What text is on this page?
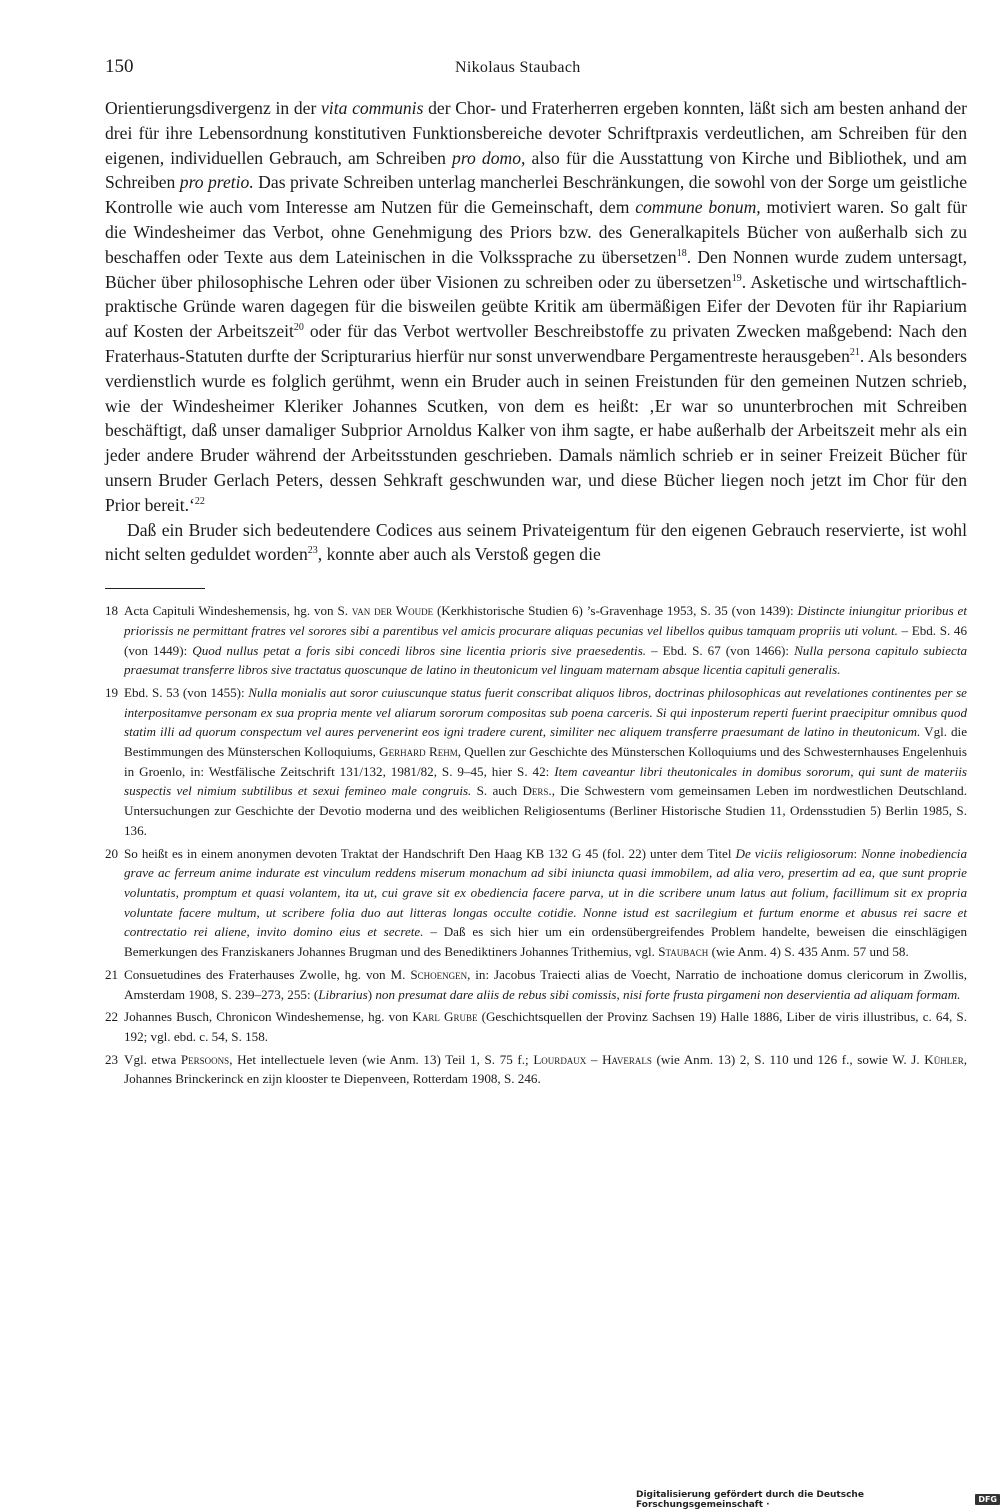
150	Nikolaus Staubach

Orientierungsdivergenz in der vita communis der Chor- und Fraterherren ergeben konnten, läßt sich am besten anhand der drei für ihre Lebensordnung konstitutiven Funktionsbereiche devoter Schriftpraxis verdeutlichen, am Schreiben für den eigenen, individuellen Gebrauch, am Schreiben pro domo, also für die Ausstattung von Kirche und Bibliothek, und am Schreiben pro pretio. Das private Schreiben unterlag mancherlei Beschränkungen, die sowohl von der Sorge um geistliche Kontrolle wie auch vom Interesse am Nutzen für die Gemeinschaft, dem commune bonum, motiviert waren. So galt für die Windesheimer das Verbot, ohne Genehmigung des Priors bzw. des Generalkapitels Bücher von außerhalb sich zu beschaffen oder Texte aus dem Lateinischen in die Volkssprache zu übersetzen$^{18}$. Den Nonnen wurde zudem untersagt, Bücher über philosophische Lehren oder über Visionen zu schreiben oder zu übersetzen$^{19}$. Asketische und wirtschaftlich-praktische Gründe waren dagegen für die bisweilen geübte Kritik am übermäßigen Eifer der Devoten für ihr Rapiarium auf Kosten der Arbeitszeit$^{20}$ oder für das Verbot wertvoller Beschreibstoffe zu privaten Zwecken maßgebend: Nach den Fraterhaus-Statuten durfte der Scripturarius hierfür nur sonst unverwendbare Pergamentreste herausgeben$^{21}$. Als besonders verdienstlich wurde es folglich gerühmt, wenn ein Bruder auch in seinen Freistunden für den gemeinen Nutzen schrieb, wie der Windesheimer Kleriker Johannes Scutken, von dem es heißt: ‚Er war so ununterbrochen mit Schreiben beschäftigt, daß unser damaliger Subprior Arnoldus Kalker von ihm sagte, er habe außerhalb der Arbeitszeit mehr als ein jeder andere Bruder während der Arbeitsstunden geschrieben. Damals nämlich schrieb er in seiner Freizeit Bücher für unsern Bruder Gerlach Peters, dessen Sehkraft geschwunden war, und diese Bücher liegen noch jetzt im Chor für den Prior bereit.‘$^{22}$

Daß ein Bruder sich bedeutendere Codices aus seinem Privateigentum für den eigenen Gebrauch reservierte, ist wohl nicht selten geduldet worden$^{23}$, konnte aber auch als Verstoß gegen die

18 Acta Capituli Windeshemensis, hg. von S. van der Woude (Kerkhistorische Studien 6) ’s-Gravenhage 1953, S. 35 (von 1439): Distincte iniungitur prioribus et priorissis ne permittant fratres vel sorores sibi a parentibus vel amicis procurare aliquas pecunias vel libellos quibus tamquam propriis uti volunt. – Ebd. S. 46 (von 1449): Quod nullus petat a foris sibi concedi libros sine licentia prioris sive praesedentis. – Ebd. S. 67 (von 1466): Nulla persona capitulo subiecta praesumat transferre libros sive tractatus quoscunque de latino in theutonicum vel linguam maternam absque licentia capituli generalis.
19 Ebd. S. 53 (von 1455): Nulla monialis aut soror cuiuscunque status fuerit conscribat aliquos libros, doctrinas philosophicas aut revelationes continentes per se interpositamve personam ex sua propria mente vel aliarum sororum compositas sub poena carceris. Si qui inposterum reperti fuerint praecipitur omnibus quod statim illi ad quorum conspectum vel aures pervenerint eos igni tradere curent, similiter nec aliquem transferre praesumant de latino in theutonicum. Vgl. die Bestimmungen des Münsterschen Kolloquiums, Gerhard Rehm, Quellen zur Geschichte des Münsterschen Kolloquiums und des Schwesternhauses Engelenhuis in Groenlo, in: Westfälische Zeitschrift 131/132, 1981/82, S. 9–45, hier S. 42: Item caveantur libri theutonicales in domibus sororum, qui sunt de materiis suspectis vel nimium subtilibus et sexui femineo male congruis. S. auch Ders., Die Schwestern vom gemeinsamen Leben im nordwestlichen Deutschland. Untersuchungen zur Geschichte der Devotio moderna und des weiblichen Religiosentums (Berliner Historische Studien 11, Ordensstudien 5) Berlin 1985, S. 136.
20 So heißt es in einem anonymen devoten Traktat der Handschrift Den Haag KB 132 G 45 (fol. 22) unter dem Titel De viciis religiosorum: Nonne inobediencia grave ac ferreum anime indurate est vinculum reddens miserum monachum ad sibi iniuncta quasi immobilem, ad alia vero, presertim ad ea, que sunt proprie voluntatis, promptum et quasi volantem, ita ut, cui grave sit ex obediencia facere parva, ut in die scribere unum latus aut folium, facillimum sit ex propria voluntate facere multum, ut scribere folia duo aut litteras longas occulte cotidie. Nonne istud est sacrilegium et furtum enorme et abusus rei sacre et contrectatio rei aliene, invito domino eius et secrete. – Daß es sich hier um ein ordensübergreifendes Problem handelte, beweisen die einschlägigen Bemerkungen des Franziskaners Johannes Brugman und des Benediktiners Johannes Trithemius, vgl. Staubach (wie Anm. 4) S. 435 Anm. 57 und 58.
21 Consuetudines des Fraterhauses Zwolle, hg. von M. Schoengen, in: Jacobus Traiecti alias de Voecht, Narratio de inchoatione domus clericorum in Zwollis, Amsterdam 1908, S. 239–273, 255: (Librarius) non presumat dare aliis de rebus sibi comissis, nisi forte frusta pirgameni non deservientia ad aliquam formam.
22 Johannes Busch, Chronicon Windeshemense, hg. von Karl Grube (Geschichtsquellen der Provinz Sachsen 19) Halle 1886, Liber de viris illustribus, c. 64, S. 192; vgl. ebd. c. 54, S. 158.
23 Vgl. etwa Persoons, Het intellectuele leven (wie Anm. 13) Teil 1, S. 75 f.; Lourdaux – Haverals (wie Anm. 13) 2, S. 110 und 126 f., sowie W. J. Kühler, Johannes Brinckerinck en zijn klooster te Diepenveen, Rotterdam 1908, S. 246.
Digitalisierung gefördert durch die Deutsche Forschungsgemeinschaft ·	DFG
